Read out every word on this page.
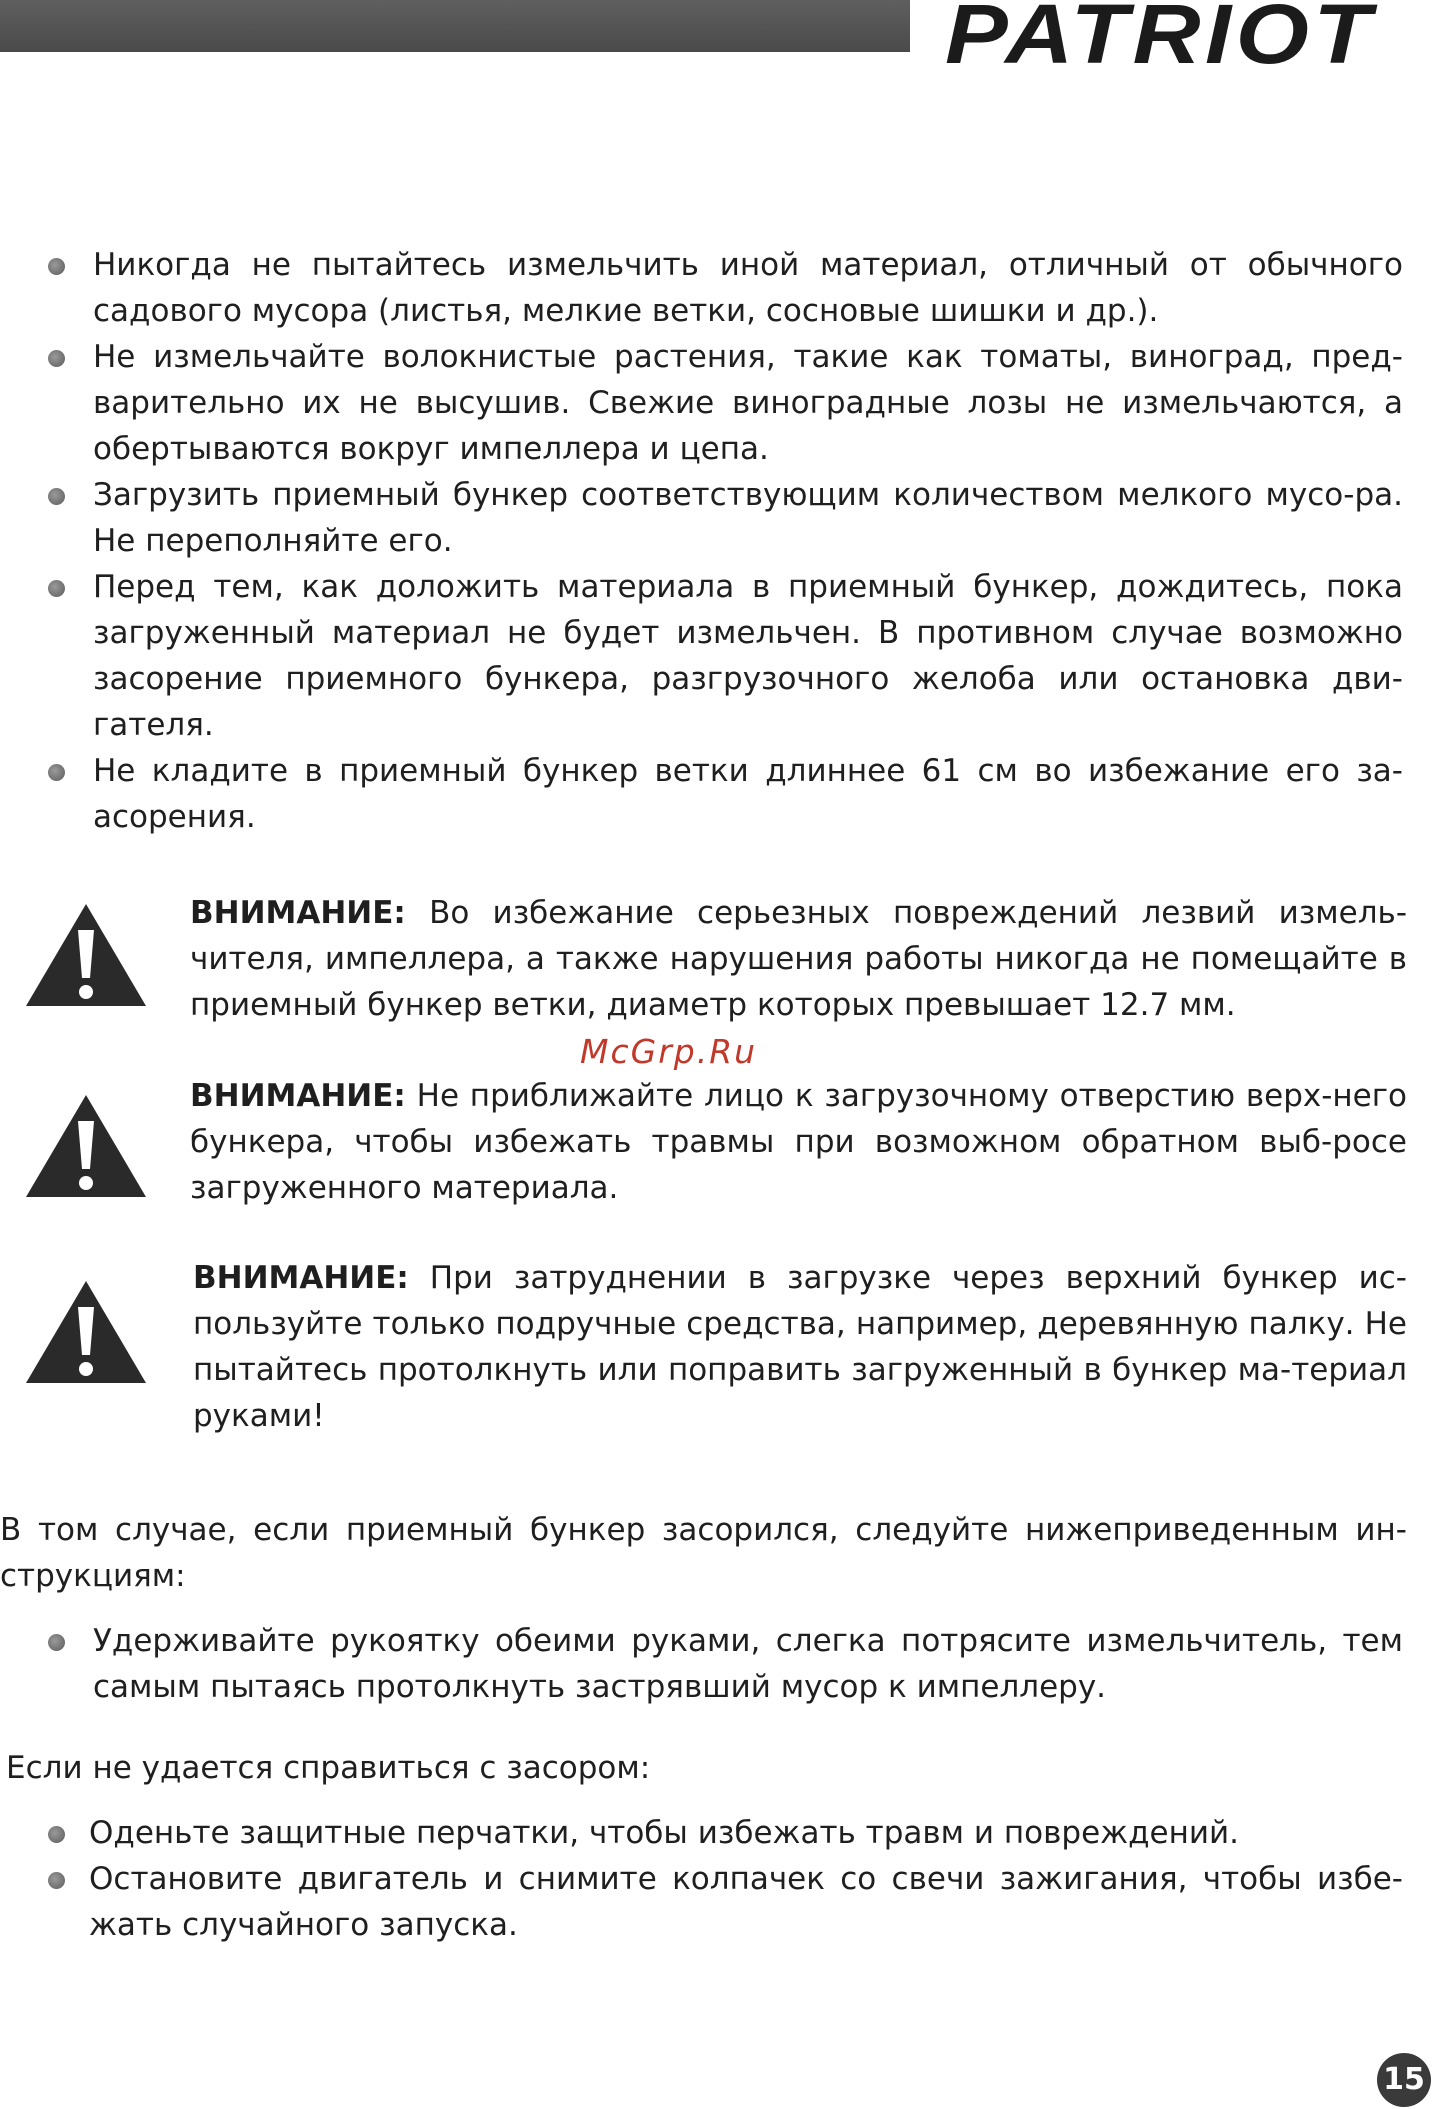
PATRIOT
Никогда не пытайтесь измельчить иной материал, отличный от обычного садового мусора (листья, мелкие ветки, сосновые шишки и др.).
Не измельчайте волокнистые растения, такие как томаты, виноград, пред-варительно их не высушив. Свежие виноградные лозы не измельчаются, а обертываются вокруг импеллера и цепа.
Загрузить приемный бункер соответствующим количеством мелкого мусо-ра. Не переполняйте его.
Перед тем, как доложить материала в приемный бункер, дождитесь, пока загруженный материал не будет измельчен. В противном случае возможно засорение приемного бункера, разгрузочного желоба или остановка дви-гателя.
Не кладите в приемный бункер ветки длиннее 61 см во избежание его за-асорения.
ВНИМАНИЕ: Во избежание серьезных повреждений лезвий измель-чителя, импеллера, а также нарушения работы никогда не помещайте в приемный бункер ветки, диаметр которых превышает 12.7 мм.
McGrp.Ru
ВНИМАНИЕ: Не приближайте лицо к загрузочному отверстию верх-него бункера, чтобы избежать травмы при возможном обратном выб-росе загруженного материала.
ВНИМАНИЕ: При затруднении в загрузке через верхний бункер ис-пользуйте только подручные средства, например, деревянную палку. Не пытайтесь протолкнуть или поправить загруженный в бункер ма-териал руками!
В том случае, если приемный бункер засорился, следуйте нижеприведенным ин-струкциям:
Удерживайте рукоятку обеими руками, слегка потрясите измельчитель, тем самым пытаясь протолкнуть застрявший мусор к импеллеру.
Если не удается справиться с засором:
Оденьте защитные перчатки, чтобы избежать травм и повреждений.
Остановите двигатель и снимите колпачек со свечи зажигания, чтобы избе-жать случайного запуска.
15
